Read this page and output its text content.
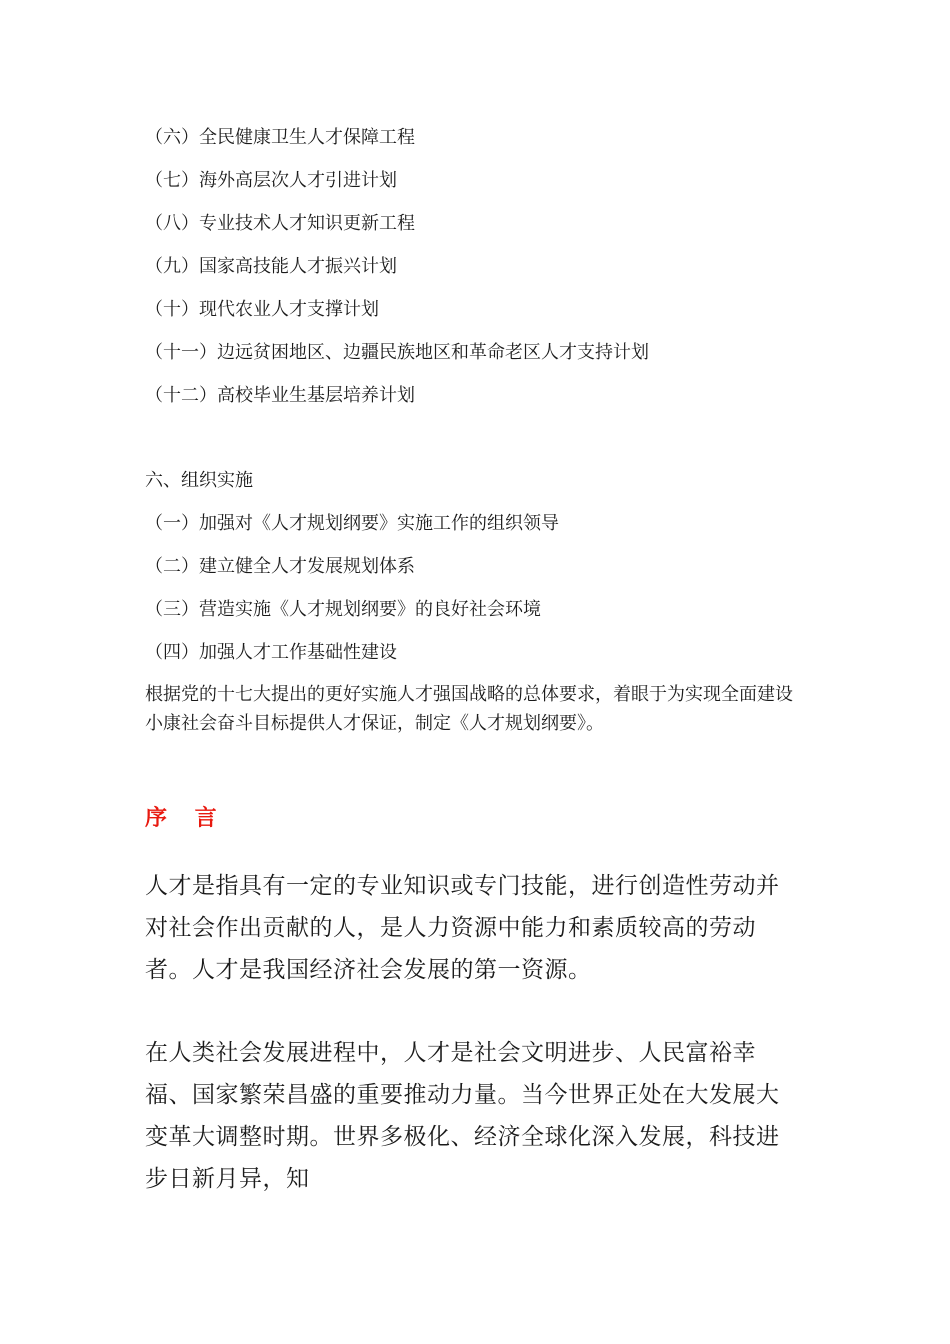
（六）全民健康卫生人才保障工程
（七）海外高层次人才引进计划
（八）专业技术人才知识更新工程
（九）国家高技能人才振兴计划
（十）现代农业人才支撑计划
（十一）边远贫困地区、边疆民族地区和革命老区人才支持计划
（十二）高校毕业生基层培养计划
六、组织实施
（一）加强对《人才规划纲要》实施工作的组织领导
（二）建立健全人才发展规划体系
（三）营造实施《人才规划纲要》的良好社会环境
（四）加强人才工作基础性建设
根据党的十七大提出的更好实施人才强国战略的总体要求，着眼于为实现全面建设小康社会奋斗目标提供人才保证，制定《人才规划纲要》。
序 言
人才是指具有一定的专业知识或专门技能，进行创造性劳动并对社会作出贡献的人，是人力资源中能力和素质较高的劳动者。人才是我国经济社会发展的第一资源。
在人类社会发展进程中，人才是社会文明进步、人民富裕幸福、国家繁荣昌盛的重要推动力量。当今世界正处在大发展大变革大调整时期。世界多极化、经济全球化深入发展，科技进步日新月异，知
